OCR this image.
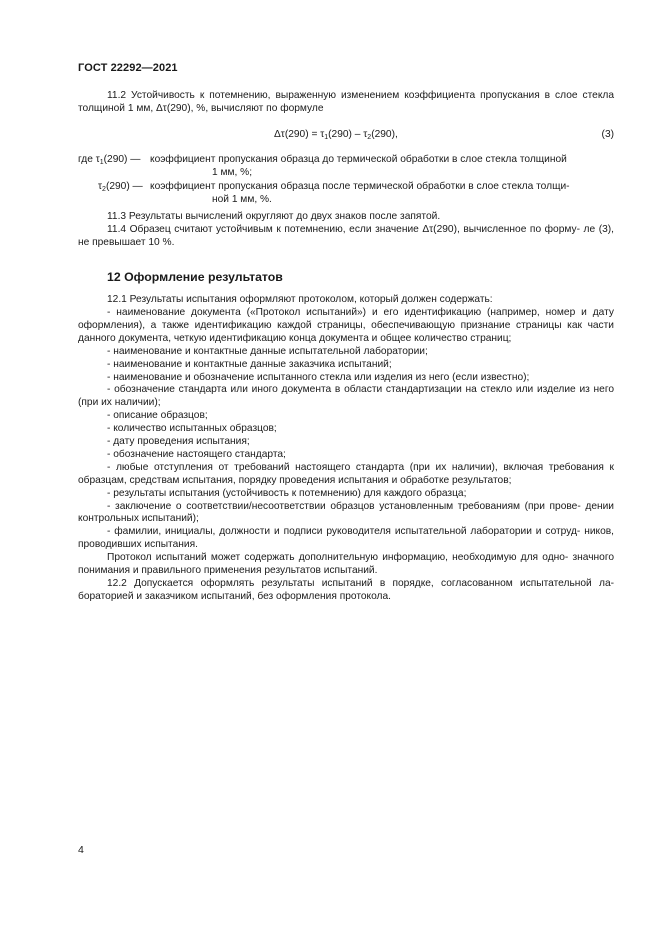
ГОСТ 22292—2021

11.2 Устойчивость к потемнению, выраженную изменением коэффициента пропускания в слое стекла толщиной 1 мм, Δτ(290), %, вычисляют по формуле

$\Delta\tau(290) = \tau_1(290) - \tau_2(290)$,	(3)
где $\tau_1(290)$ — коэффициент пропускания образца до термической обработки в слое стекла толщиной

1 мм, %;

$\tau_2(290)$ — коэффициент пропускания образца после термической обработки в слое стекла толщи-

ной 1 мм, %.

11.3 Результаты вычислений округляют до двух знаков после запятой.

11.4 Образец считают устойчивым к потемнению, если значение Δτ(290), вычисленное по форму- ле (3), не превышает 10 %.

12 Оформление результатов

12.1 Результаты испытания оформляют протоколом, который должен содержать:

- наименование документа («Протокол испытаний») и его идентификацию (например, номер и дату оформления), а также идентификацию каждой страницы, обеспечивающую признание страницы как части данного документа, четкую идентификацию конца документа и общее количество страниц;

- наименование и контактные данные испытательной лаборатории;

- наименование и контактные данные заказчика испытаний;

- наименование и обозначение испытанного стекла или изделия из него (если известно);

- обозначение стандарта или иного документа в области стандартизации на стекло или изделие из него (при их наличии);

- описание образцов;

- количество испытанных образцов;

- дату проведения испытания;

- обозначение настоящего стандарта;

- любые отступления от требований настоящего стандарта (при их наличии), включая требования к образцам, средствам испытания, порядку проведения испытания и обработке результатов;

- результаты испытания (устойчивость к потемнению) для каждого образца;

- заключение о соответствии/несоответствии образцов установленным требованиям (при прове- дении контрольных испытаний);

- фамилии, инициалы, должности и подписи руководителя испытательной лаборатории и сотруд- ников, проводивших испытания.

Протокол испытаний может содержать дополнительную информацию, необходимую для одно- значного понимания и правильного применения результатов испытаний.

12.2 Допускается оформлять результаты испытаний в порядке, согласованном испытательной ла- бораторией и заказчиком испытаний, без оформления протокола.

4
